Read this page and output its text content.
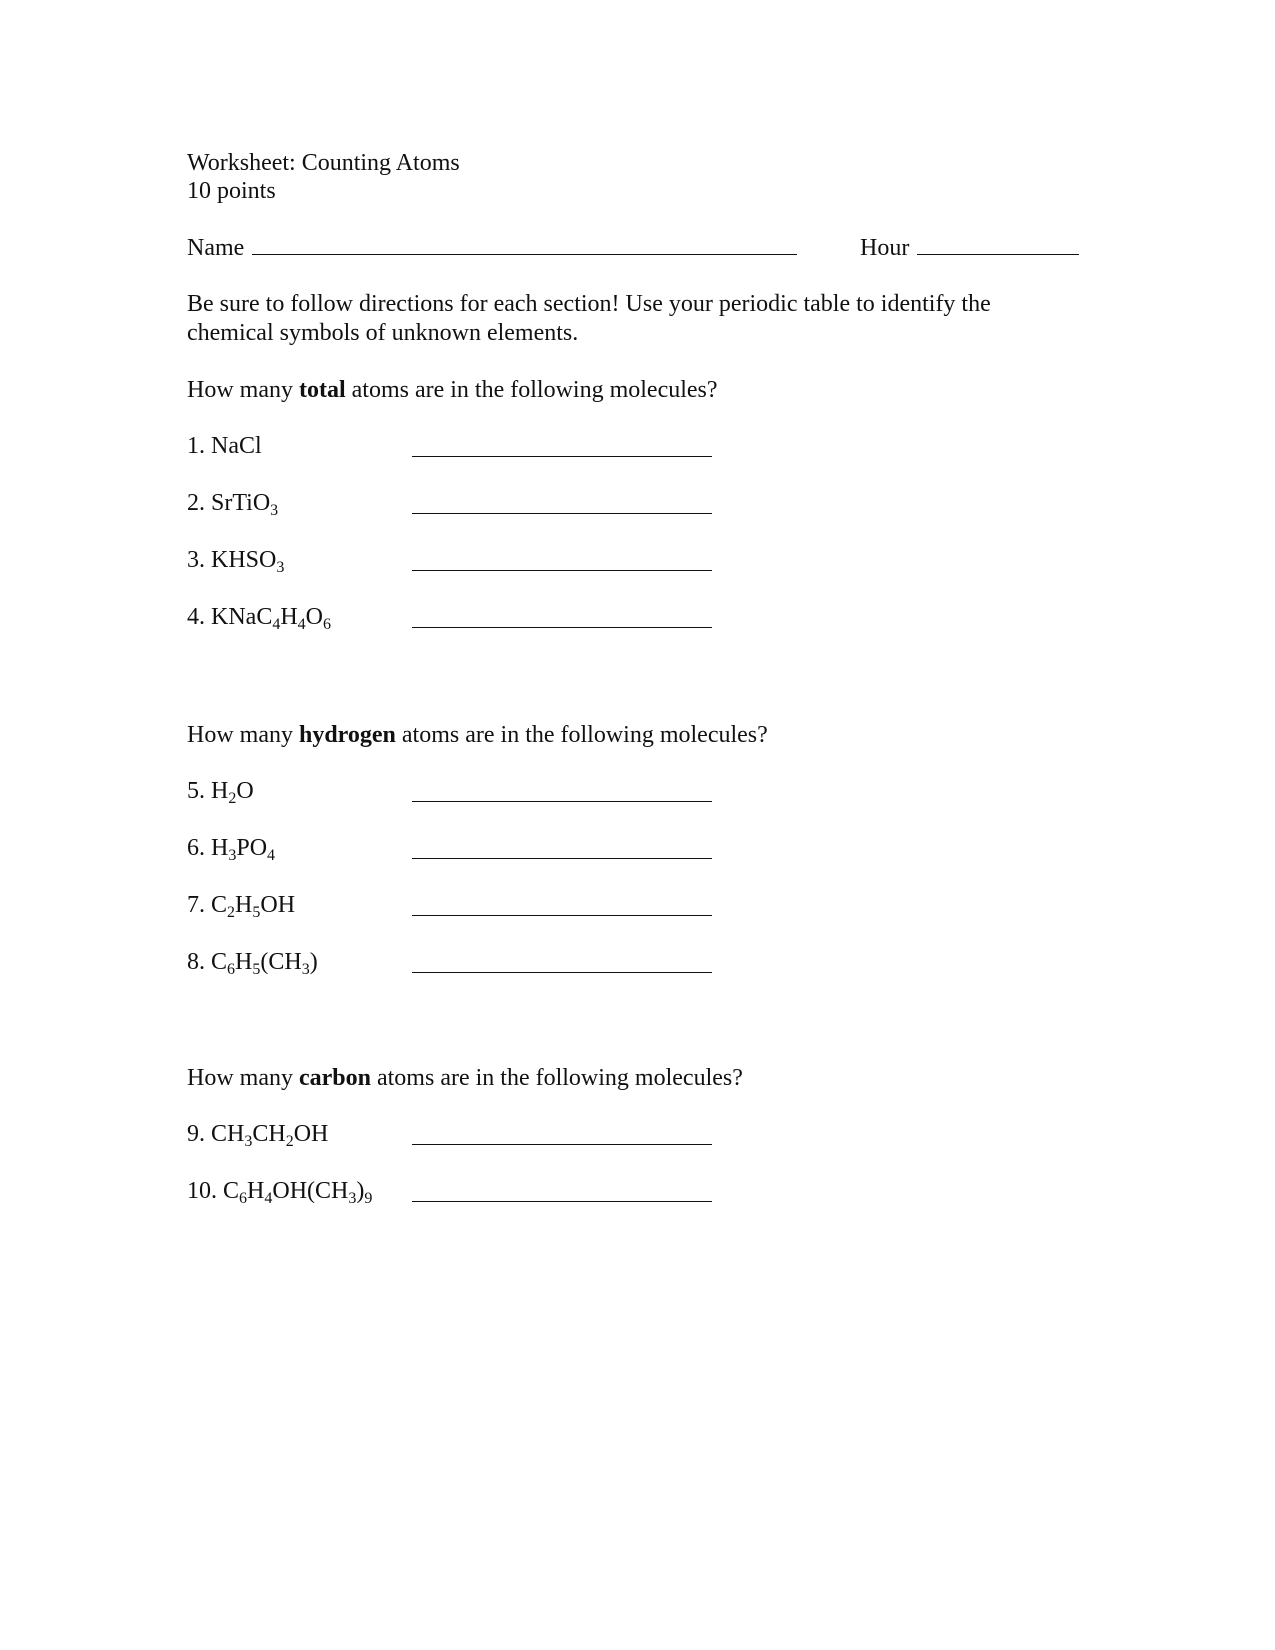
Worksheet: Counting Atoms
10 points
Name	Hour
Be sure to follow directions for each section! Use your periodic table to identify the
chemical symbols of unknown elements.
How many total atoms are in the following molecules?
1. NaCl
2. SrTiO$_3$
3. $KHSO_3$
4. $KNaC_4H_4O_6$
How many hydrogen atoms are in the following molecules?
5. $H_2O$
6. $H_3PO_4$
7. $C_2H_5OH$
8. $C_6H_5(CH_3)$
How many carbon atoms are in the following molecules?
9. $CH_3CH_2OH$
10. $C_6H_4OH(CH_3)_9$
